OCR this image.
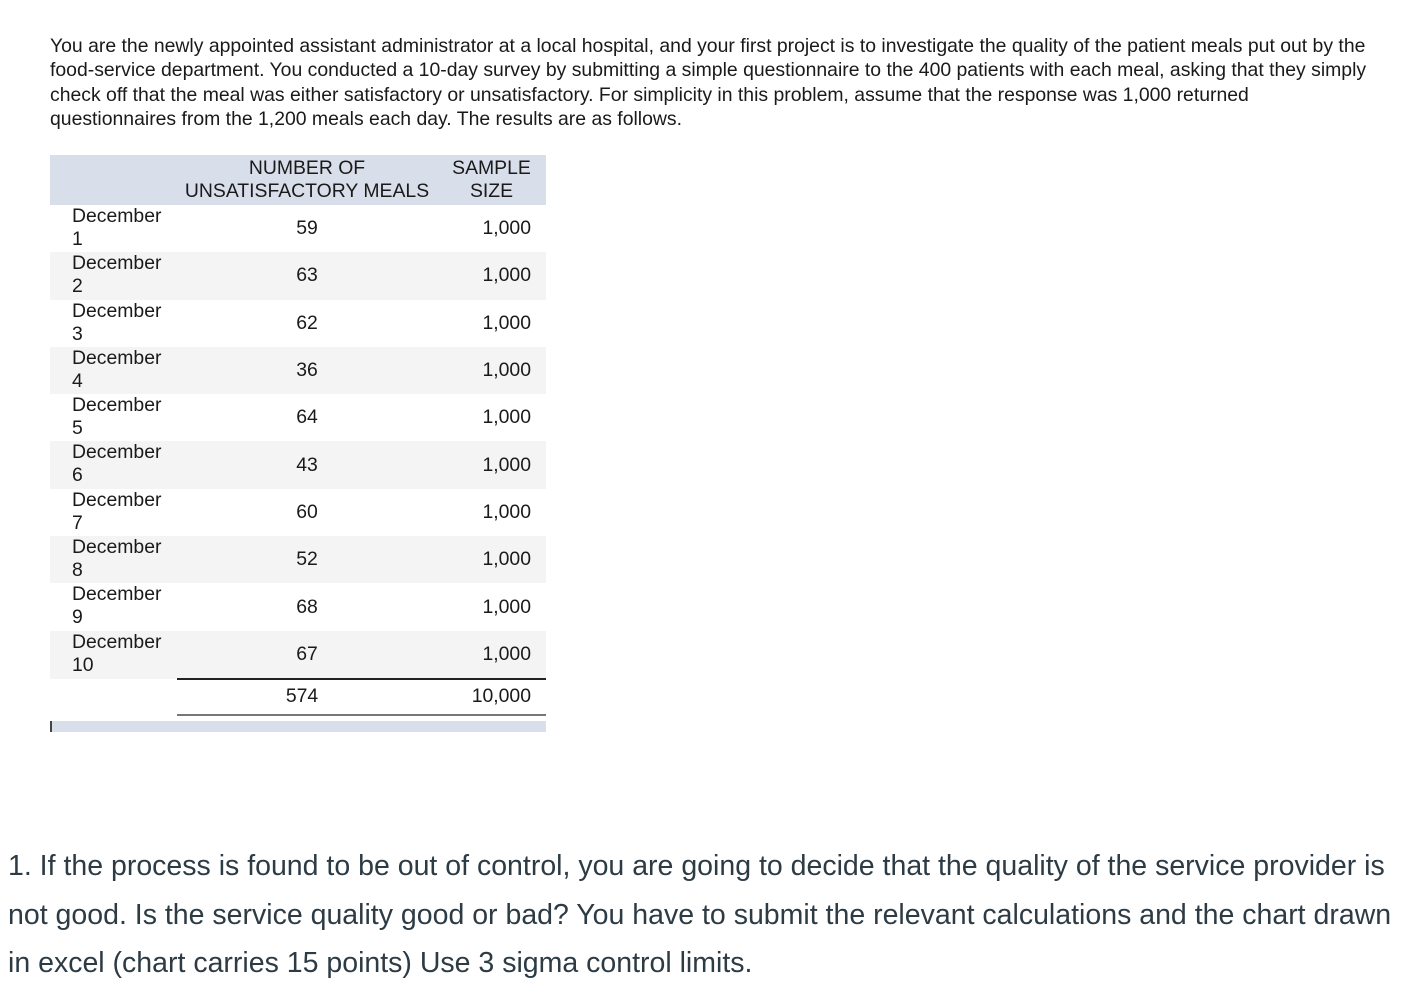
You are the newly appointed assistant administrator at a local hospital, and your first project is to investigate the quality of the patient meals put out by the food-service department. You conducted a 10-day survey by submitting a simple questionnaire to the 400 patients with each meal, asking that they simply check off that the meal was either satisfactory or unsatisfactory. For simplicity in this problem, assume that the response was 1,000 returned questionnaires from the 1,200 meals each day. The results are as follows.

	NUMBER OF
UNSATISFACTORY MEALS	SAMPLE
SIZE
December
1	59	1,000
December
2	63	1,000
December
3	62	1,000
December
4	36	1,000
December
5	64	1,000
December
6	43	1,000
December
7	60	1,000
December
8	52	1,000
December
9	68	1,000
December
10	67	1,000
	574	10,000

1. If the process is found to be out of control, you are going to decide that the quality of the service provider is not good. Is the service quality good or bad? You have to submit the relevant calculations and the chart drawn in excel (chart carries 15 points) Use 3 sigma control limits.
